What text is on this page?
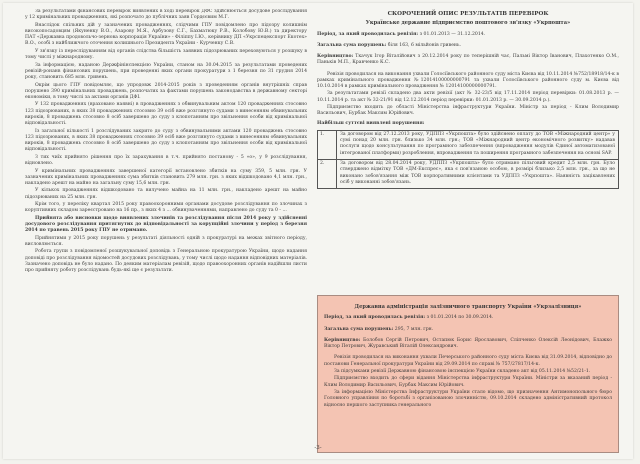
За результатами фінансових перевірок виявлених в ході перевірок ДФС здійснюється досудове розслідування у 12 кримінальних провадженнях, які розпочато до публічних заяв Гордєєвим М.Г.

Внаслідок спільних дій у зазначених провадженнях, слідчими ГПУ повідомлено про підозру колишнім високопосадовцям (Якуненку В.О., Азарову М.Я., Арбузову С.Г., Бахматюку Р.В., Колобову Ю.В.) та директору ПАТ «Державна продовольчо-зернова корпорація України» - Філіппу І.Ю., керівнику ДП «Укрспецекспорт Екотех» В.О., особі з найближчого оточення колишнього Президента України - Курченку С.В.

У зв'язку із переслідуванням від органів слідства більшість заявних підозрюваних переховуються у розшуку в тому числі у міжнародному.

За інформацією, наданою Держфінінспекцією України, станом на 30.04.2015 за результатами проведених ревізій-ронанв фінансових порушень, при проведенні яких органи прокуратури з 1 березня по 31 грудня 2014 року, становить 685 млн. гривень.

Окрім цього ГПУ повідомляє, що упродовж 2014-2015 років з проведенням органів внутрішніх справ порушено 390 кримінальних проваджень, розпочатих за фактами порушень законодавства в державному секторі економіки, в тому числі за актами органів ДФІ.

У 132 провадженнях (враховано наявні) в провадженнях з обвинувальним актом 120 провадженнях стосовно 123 підозрюваних, в яких 38 провадженнях стосовно 39 осіб вже розглянуто судами з винесенням обвинувальних вироків, 8 проваджень стосовно 8 осіб завершено до суду з клопотанням про звільнення особи від кримінальної відповідальності.

Із загальної кількості 1 розслідуваних закрито до суду з обвинувальними актами 120 проваджень стосовно 123 підозрюваних, в яких 38 провадженнях стосовно 39 осіб вже розглянуто судами з винесенням обвинувальних вироків, 8 проваджень стосовно 8 осіб завершено до суду з клопотанням про звільнення особи від кримінальної відповідальності.

З тих чиїх прийнято рішення про їх зарахування в т.ч. прийнято постанову - 5 «о», у 9 розслідування, відновлено.

У кримінальних провадженнях завершеної категорії встановлено збитків на суму 359, 5 млн. грн. У зазначених кримінальних провадженнях сума збитків становить 279 млн. грн. з яких відшкодовано 4,1 млн. грн., накладено арешт на майно на загальну суму 15,6 млн. грн.

У кількох провадженнях відшкодовано та вилучено майна на 11 млн. грн., накладено арешт на майно підозрюваних на 25 млн. грн.

Крім того, у переліку квартал 2015 року правоохоронними органами досудове розслідування по злочинах з коруптивних складом зареєстровано на 16 пр., з яких 4 з ... обвинуваченнями, направлено до суду та 0 - ...

Прийнята або висновки щодо виявлених злочинів та розслідування після 2014 року у здійсненні досудового розслідування притягнутих до відповідальності за корупційні злочини у період з березня 2014 по травень 2015 року ГПУ не отримано.

Прийнятими у 2015 року порушень у результаті діяльності одній з прокуратурі на межах звітного періоду, висловлюється.

Робота групи з повідомленої розшукувальної доповідь з Генеральною прокуратурою України, щодо надання доповіді про розслідування відомостей досудових розслідувань, у тому числі щодо надання відповідних матеріалів. Зазначено доповідь не було надано. По деяким матеріалам ревізій, щодо правоохоронних органів надійшли листи про прийняту роботу розслідувань будь-які ще є результати.

СКОРОЧЕНИЙ ОПИС РЕЗУЛЬТАТІВ ПЕРЕВІРОК
Українське державне підприємство поштового зв'язку «Укрпошта»

Період, за який проводилась ревізія: з 01.01.2013 — 31.12.2014.

Загальна сума порушень: біля 163, 6 мільйонів гривень.

Керівництво: Ткачук Ігор Віталійович з 20.12.2014 року по теперішній час, Пальмі Віктор Іванович, Плахотенко О.М., Паньків М.П., Кравченко К.С.

Ревізія проводилася на виконання ухвали Голосіївського районного суду міста Києва від 10.11.2014 №752/18918/14-к в рамках кримінального провадження №12014100000000791 та ухвали Голосіївського районного суду м. Києва від 10.10.2014 в рамках кримінального провадження № 12014100000000791.

За результатами ревізії складено два акти ревізії (акт № 32-23/5 від 17.11.2014 період перевірки: 01.08.2013 р. — 10.11.2014 р. та акт № 32-21/91 від 12.12.2014 період перевірки: 01.01.2013 р. — 30.09.2014 р.).

Підприємство входить до області Міністерства інфраструктури України. Міністр за період - Клим Володимир Васильович, Бурбак Максим Юрійович.

Найбільш суттєві виявлені порушення:

1.	За договором від 27.12.2013 року, УДППЗ «Укрпошта» було здійснено оплату до ТОВ «Міжнародний центр» у сумі понад 20 млн. грн. близько 34 млн. грн.; ТОВ «Міжнародний центр економічного розвитку» надавав послуги щодо консультування по програмного забезпечення (впровадження модулів Єдиної автоматизованої інтегрованої платформи) розроблення, впровадження та поширення програмного забезпечення на основі SAP.

2.	За договором від 28.04.2014 року, УДППЗ «Укрпошта» було отримано пільговий кредит 2,5 млн. грн. Було стверджено відмітку ТОВ «ДМ-Експрес», яка є пов'язаною особою, в розмірі близько 2,5 млн. грн., за що не виконано зобов'язання між ТОВ корпоративними клієнтами та УДППЗ «Укрпошта». Наявність зацікавлених осіб у виконанні зобов'язань.

Державна адміністрація залізничного транспорту України «Укрзалізниця»

Період, за який проводилась ревізія: з 01.01.2014 по 30.09.2014.

Загальна сума порушень: 295, 7 млн. грн.

Керівництво: Болобов Сергій Петрович, Остапюк Борис Ярославович, Сліпченко Олексій Леонідович, Блажко Віктор Петрович, Журавський Віталій Олександрович.

Ревізія проводилася на виконання ухвали Печерського районного суду міста Києва від 31.09.2014, відповідно до постанови Генеральної прокуратури України від 29.09.2014 по справі № 757/27817/14-к.

За підсумками ревізії Державною фінансовою інспекцією України складено акт від 05.11.2014 №52/21-1.

Підприємство входить до сфери відання Міністерства інфраструктури України. Міністри за вказаний період - Клим Володимир Васильович, Бурбак Максим Юрійович.

За інформацією Міністерства Інфраструктури України стало відомо, що призначення Антимонопольного бюро Головного управління по боротьбі з організованою злочинністю, 09.10.2014 складено адміністративний протокол відносно першого заступника генерального

-3-
